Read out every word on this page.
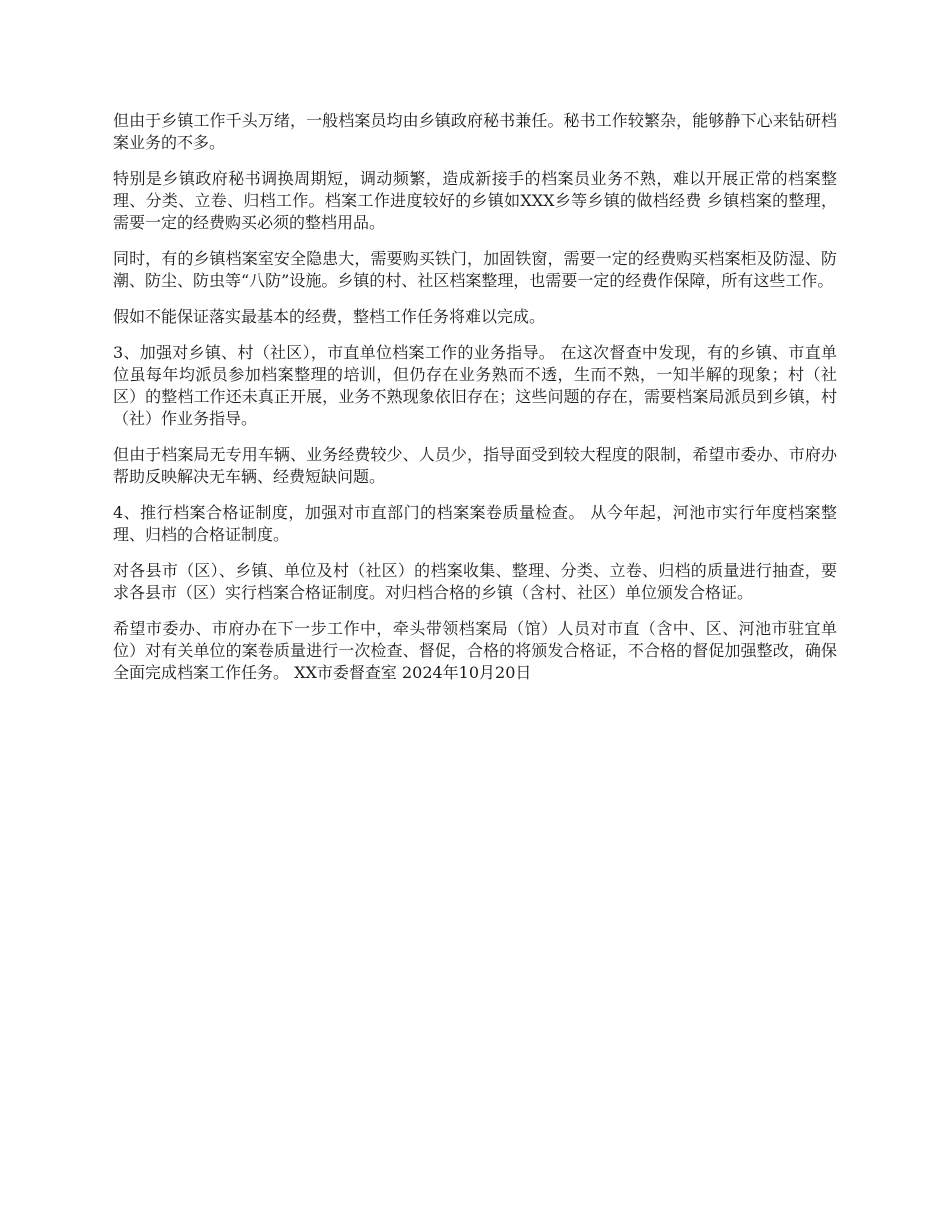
但由于乡镇工作千头万绪，一般档案员均由乡镇政府秘书兼任。秘书工作较繁杂，能够静下心来钻研档案业务的不多。

特别是乡镇政府秘书调换周期短，调动频繁，造成新接手的档案员业务不熟，难以开展正常的档案整理、分类、立卷、归档工作。档案工作进度较好的乡镇如XXX乡等乡镇的做档经费 乡镇档案的整理，需要一定的经费购买必须的整档用品。

同时，有的乡镇档案室安全隐患大，需要购买铁门，加固铁窗，需要一定的经费购买档案柜及防湿、防潮、防尘、防虫等“八防”设施。乡镇的村、社区档案整理，也需要一定的经费作保障，所有这些工作。

假如不能保证落实最基本的经费，整档工作任务将难以完成。

3、加强对乡镇、村（社区），市直单位档案工作的业务指导。 在这次督查中发现，有的乡镇、市直单位虽每年均派员参加档案整理的培训，但仍存在业务熟而不透，生而不熟，一知半解的现象；村（社区）的整档工作还未真正开展，业务不熟现象依旧存在；这些问题的存在，需要档案局派员到乡镇，村（社）作业务指导。

但由于档案局无专用车辆、业务经费较少、人员少，指导面受到较大程度的限制，希望市委办、市府办帮助反映解决无车辆、经费短缺问题。

4、推行档案合格证制度，加强对市直部门的档案案卷质量检查。 从今年起，河池市实行年度档案整理、归档的合格证制度。

对各县市（区）、乡镇、单位及村（社区）的档案收集、整理、分类、立卷、归档的质量进行抽查，要求各县市（区）实行档案合格证制度。对归档合格的乡镇（含村、社区）单位颁发合格证。

希望市委办、市府办在下一步工作中，牵头带领档案局（馆）人员对市直（含中、区、河池市驻宜单位）对有关单位的案卷质量进行一次检查、督促，合格的将颁发合格证，不合格的督促加强整改，确保全面完成档案工作任务。 XX市委督查室 2024年10月20日
